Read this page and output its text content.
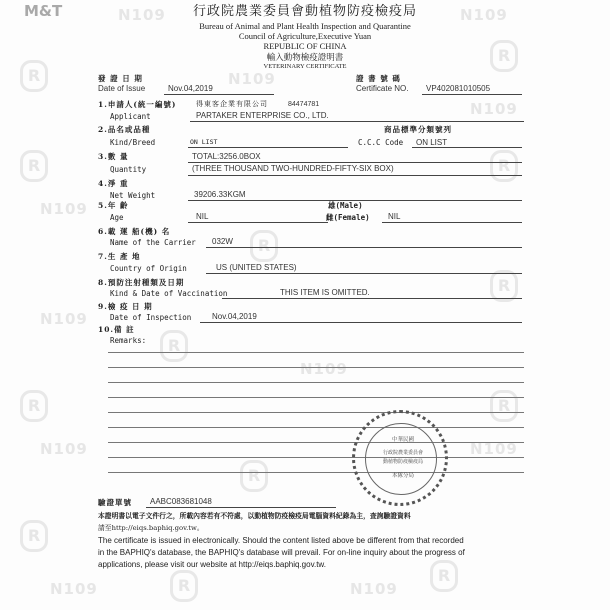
N109	N109
N109
N109
N109
N109
N109
N109	N109
N109
N109
R
R
R	R
R
R
R
R	R
R
R
R
R
M&T	行政院農業委員會動植物防疫檢疫局
Bureau of Animal and Plant Health Inspection and Quarantine
Council of Agriculture,Executive Yuan
REPUBLIC OF CHINA
輸入動物檢疫證明書
VETERINARY CERTIFICATE
發 證 日 期
Date of Issue	Nov.04,2019
證 書 號 碼
Certificate NO. VP402081010505
1.申請人(統一編號)
Applicant
得東客企業有限公司	84474781
PARTAKER ENTERPRISE CO., LTD.
2.品名或品種
Kind/Breed	ON LIST
商品標準分類號列
C.C.C Code ON LIST
3.數 量	TOTAL:3256.0BOX
Quantity	(THREE THOUSAND TWO-HUNDRED-FIFTY-SIX BOX)
4.淨 重
Net Weight	39206.33KGM
5.年 齡
Age	NIL
雄(Male)
雌(Female) NIL
6.載 運 船(機) 名
Name of the Carrier 032W
7.生 產 地
Country of Origin	US (UNITED STATES)
8.預防注射種類及日期
Kind & Date of Vaccination	THIS ITEM IS OMITTED.
9.檢 疫 日 期
Date of Inspection	Nov.04,2019
10.備 註
Remarks:
中華民國
行政院農業委員會
動植物防疫檢疫局
本隊分局
驗證單號 AABC083681048
本證明書以電子文件行之，所載內容若有不符處，以動植物防疫檢疫局電腦資料紀錄為主，查詢驗證資料
請至http://eiqs.baphiq.gov.tw。
The certificate is issued in electronically. Should the content listed above be different from that recorded
in the BAPHIQ's database, the BAPHIQ's database will prevail. For on-line inquiry about the progress of
applications, please visit our website at http://eiqs.baphiq.gov.tw.
